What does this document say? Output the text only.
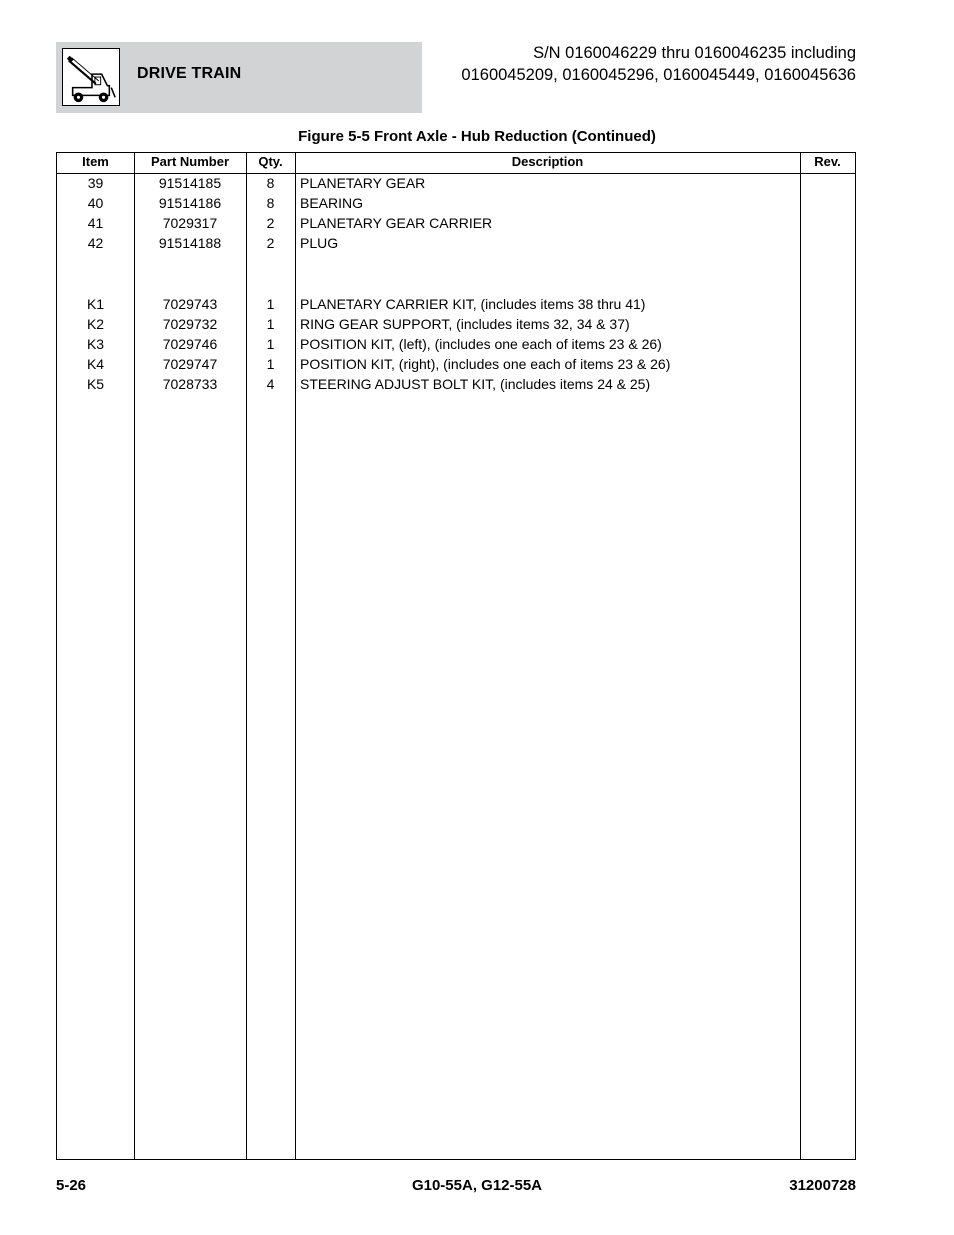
DRIVE TRAIN
S/N 0160046229 thru 0160046235 including
0160045209, 0160045296, 0160045449, 0160045636
Figure 5-5 Front Axle - Hub Reduction (Continued)
Item	Part Number	Qty.	Description	Rev.
39	91514185	8	PLANETARY GEAR
40	91514186	8	BEARING
41	7029317	2	PLANETARY GEAR CARRIER
42	91514188	2	PLUG
K1	7029743	1	PLANETARY CARRIER KIT, (includes items 38 thru 41)
K2	7029732	1	RING GEAR SUPPORT, (includes items 32, 34 & 37)
K3	7029746	1	POSITION KIT, (left), (includes one each of items 23 & 26)
K4	7029747	1	POSITION KIT, (right), (includes one each of items 23 & 26)
K5	7028733	4	STEERING ADJUST BOLT KIT, (includes items 24 & 25)
5-26	G10-55A, G12-55A	31200728
